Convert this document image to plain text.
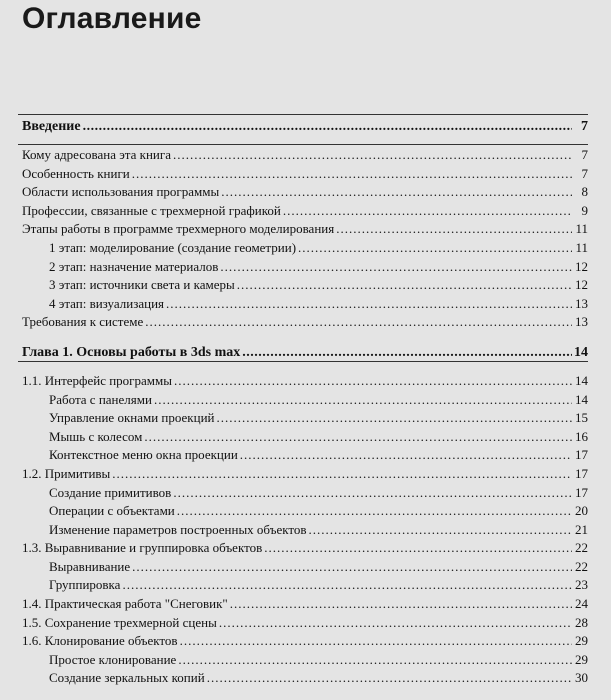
Оглавление
Введение .....	7
Кому адресована эта книга .....	7
Особенность книги .....	7
Области использования программы .....	8
Профессии, связанные с трехмерной графикой .....	9
Этапы работы в программе трехмерного моделирования .....	11
1 этап: моделирование (создание геометрии) .....	11
2 этап: назначение материалов .....	12
3 этап: источники света и камеры .....	12
4 этап: визуализация .....	13
Требования к системе .....	13
Глава 1. Основы работы в 3ds max .....	14
1.1. Интерфейс программы .....	14
Работа с панелями .....	14
Управление окнами проекций .....	15
Мышь с колесом .....	16
Контекстное меню окна проекции .....	17
1.2. Примитивы .....	17
Создание примитивов .....	17
Операции с объектами .....	20
Изменение параметров построенных объектов .....	21
1.3. Выравнивание и группировка объектов .....	22
Выравнивание .....	22
Группировка .....	23
1.4. Практическая работа "Снеговик" .....	24
1.5. Сохранение трехмерной сцены .....	28
1.6. Клонирование объектов .....	29
Простое клонирование .....	29
Создание зеркальных копий .....	30
